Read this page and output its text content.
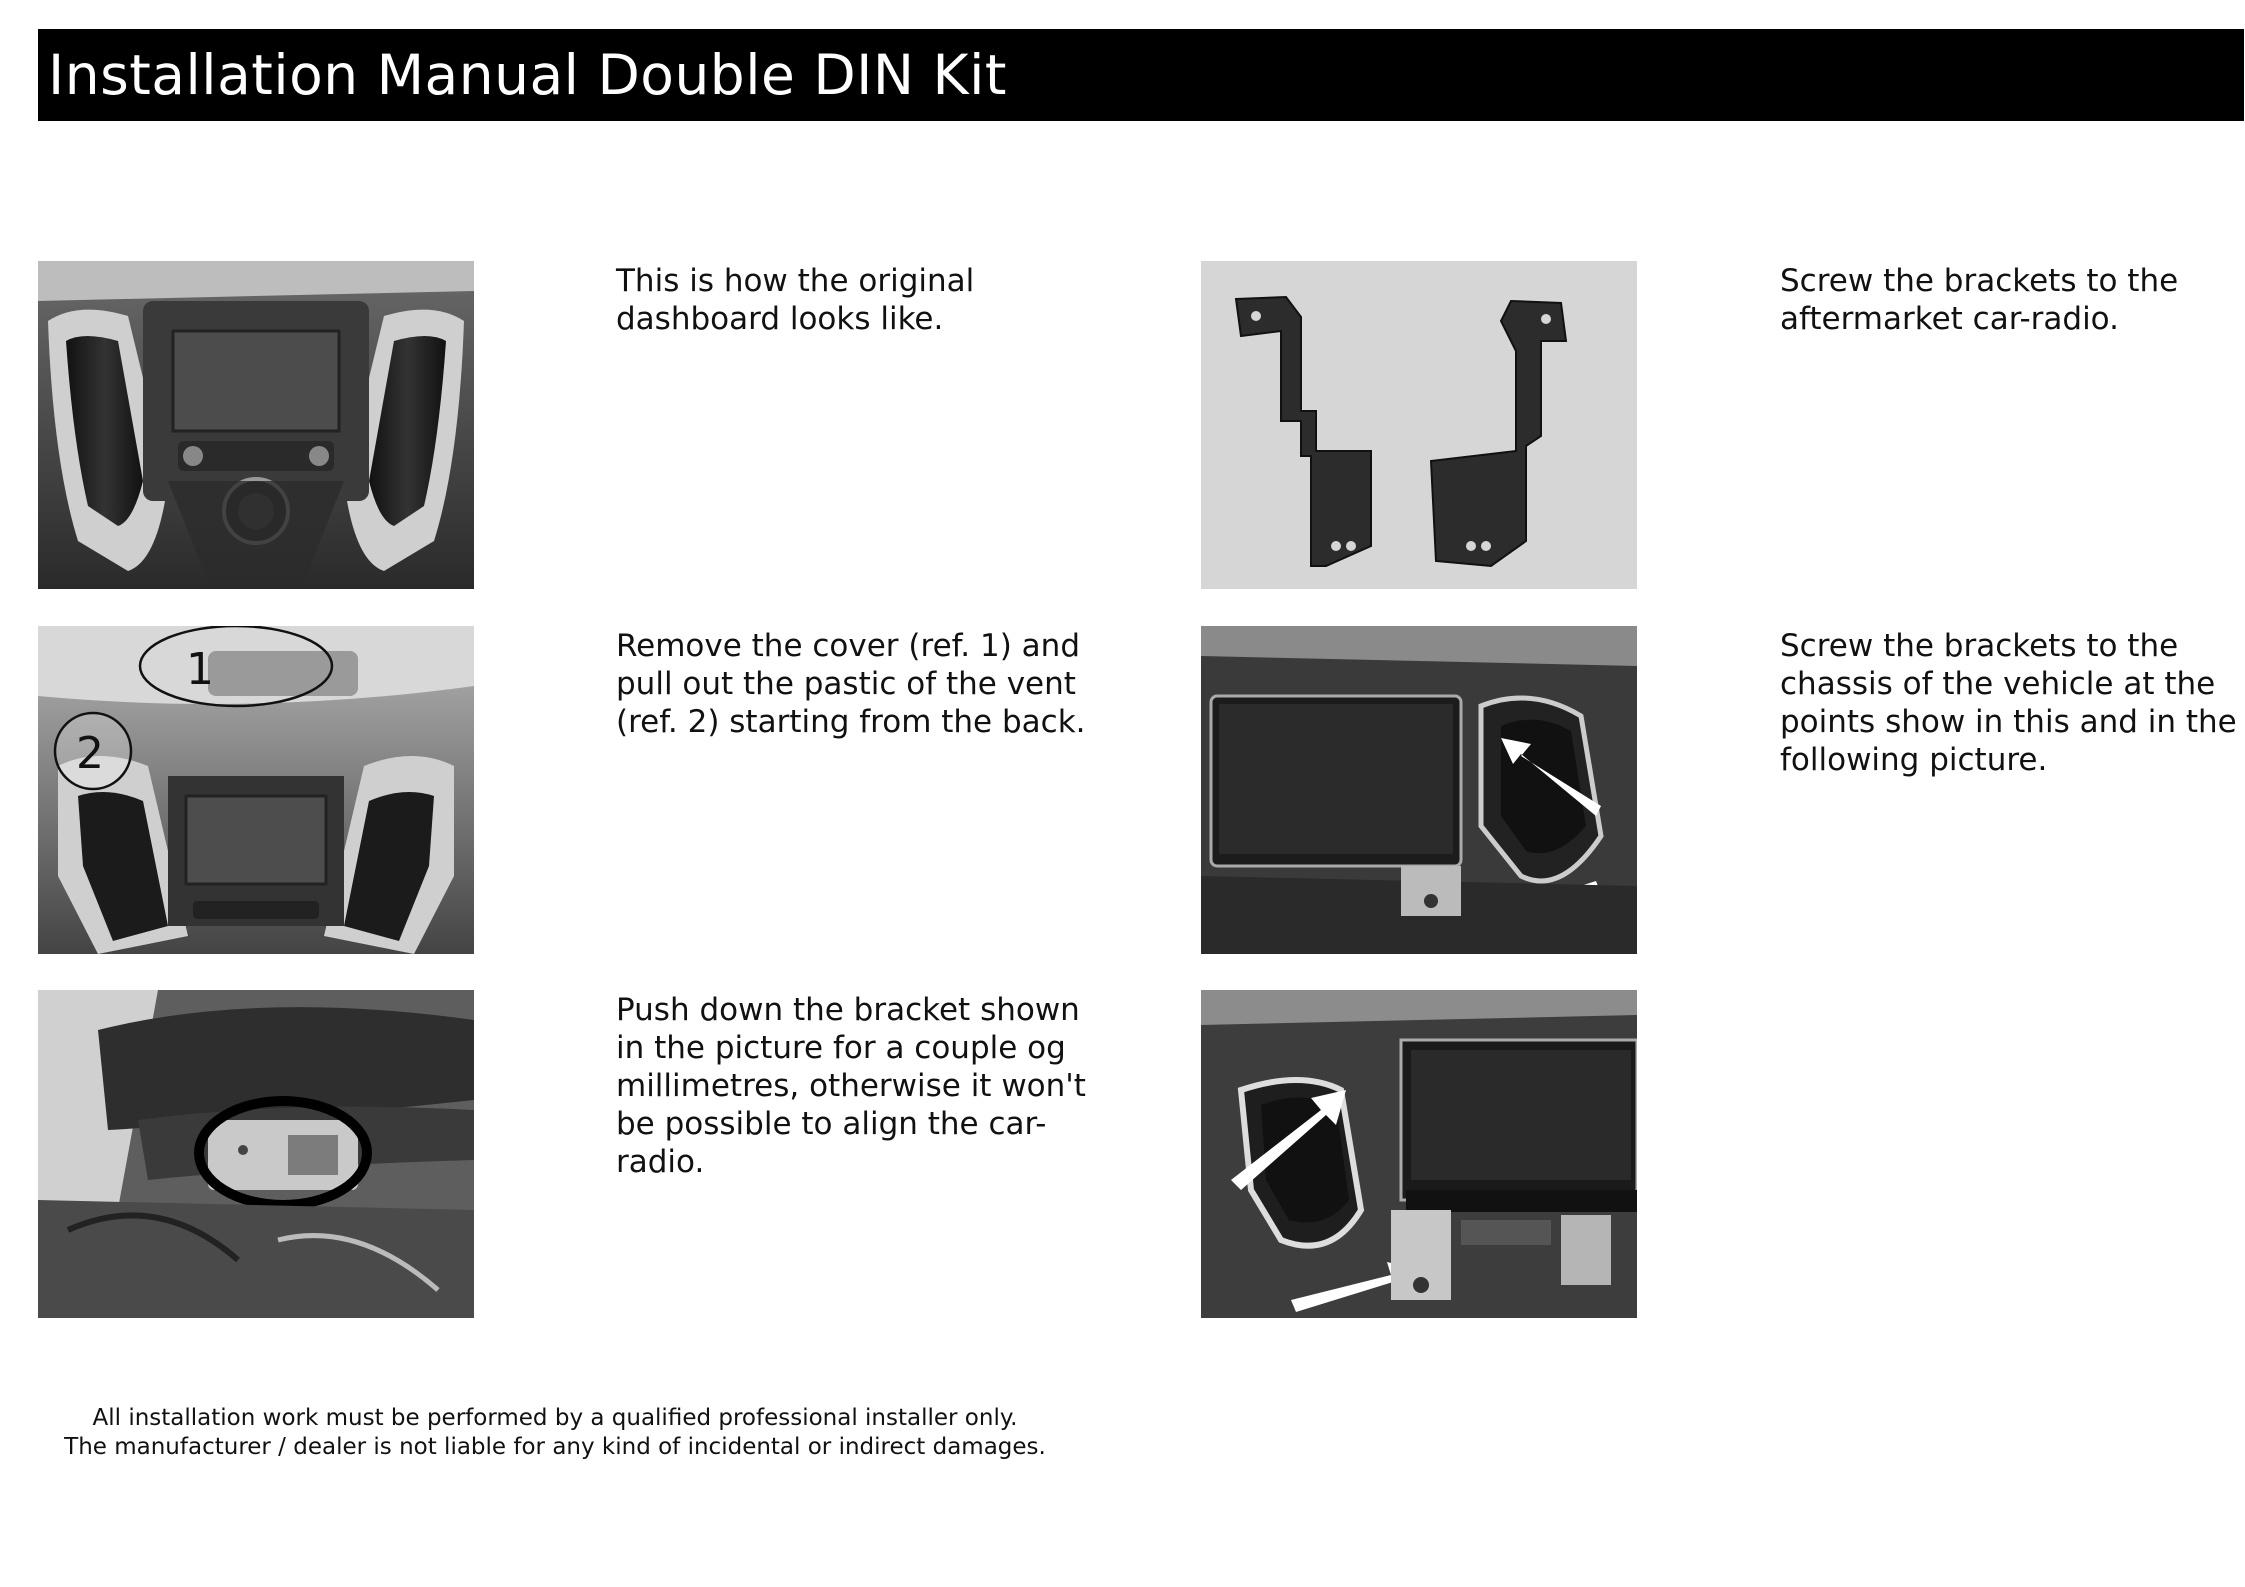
Installation Manual Double DIN Kit

This is how the original dashboard looks like.

1
2

Remove the cover (ref. 1) and pull out the pastic of the vent (ref. 2) starting from the back.

Push down the bracket shown in the picture for a couple og millimetres, otherwise it won't be possible to align the car-radio.

Screw the brackets to the aftermarket car-radio.

Screw the brackets to the chassis of the vehicle at the points show in this and in the following picture.

All installation work must be performed by a qualified professional installer only.

The manufacturer / dealer is not liable for any kind of incidental or indirect damages.
